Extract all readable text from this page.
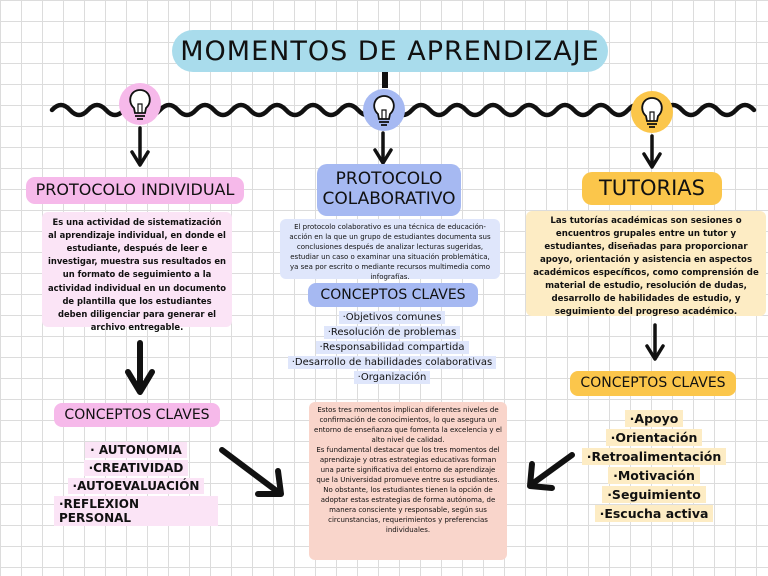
MOMENTOS DE APRENDIZAJE
PROTOCOLO INDIVIDUAL
Es una actividad de sistematización al aprendizaje individual, en donde el estudiante, después de leer e investigar, muestra sus resultados en un formato de seguimiento a la actividad individual en un documento de plantilla que los estudiantes deben diligenciar para generar el archivo entregable.
CONCEPTOS CLAVES
· AUTONOMIA
·CREATIVIDAD
·AUTOEVALUACIÓN
·REFLEXION PERSONAL
PROTOCOLO COLABORATIVO
El protocolo colaborativo es una técnica de educación-acción en la que un grupo de estudiantes documenta sus conclusiones después de analizar lecturas sugeridas, estudiar un caso o examinar una situación problemática, ya sea por escrito o mediante recursos multimedia como infografías.
CONCEPTOS CLAVES
·Objetivos comunes
·Resolución de problemas
·Responsabilidad compartida
·Desarrollo de habilidades colaborativas
·Organización
Estos tres momentos implican diferentes niveles de confirmación de conocimientos, lo que asegura un entorno de enseñanza que fomenta la excelencia y el alto nivel de calidad.
Es fundamental destacar que los tres momentos del aprendizaje y otras estrategias educativas forman una parte significativa del entorno de aprendizaje que la Universidad promueve entre sus estudiantes. No obstante, los estudiantes tienen la opción de adoptar estas estrategias de forma autónoma, de manera consciente y responsable, según sus circunstancias, requerimientos y preferencias individuales.
TUTORIAS
Las tutorías académicas son sesiones o encuentros grupales entre un tutor y estudiantes, diseñadas para proporcionar apoyo, orientación y asistencia en aspectos académicos específicos, como comprensión de material de estudio, resolución de dudas, desarrollo de habilidades de estudio, y seguimiento del progreso académico.
CONCEPTOS CLAVES
·Apoyo
·Orientación
·Retroalimentación
·Motivación
·Seguimiento
·Escucha activa
